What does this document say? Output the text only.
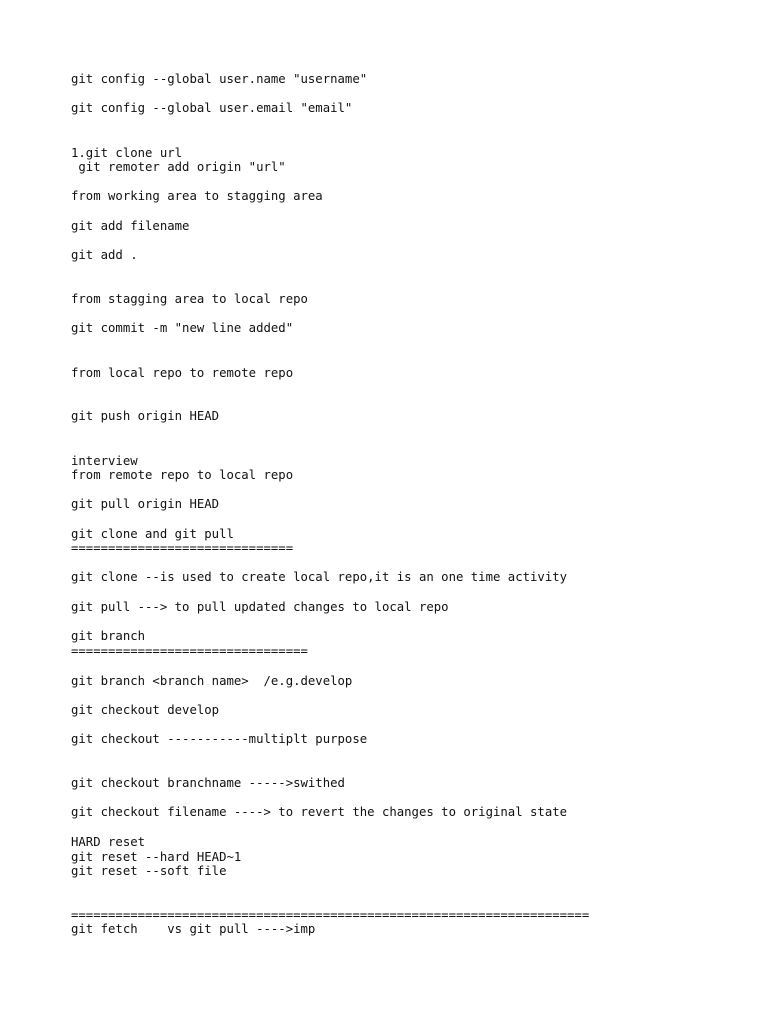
git config --global user.name "username"
git config --global user.email "email"
1.git clone url
git remoter add origin "url"
from working area to stagging area
git add filename
git add .
from stagging area to local repo
git commit -m "new line added"
from local repo to remote repo
git push origin HEAD
interview
from remote repo to local repo
git pull origin HEAD
git clone and git pull
==============================
git clone --is used to create local repo,it is an one time activity
git pull ---> to pull updated changes to local repo
git branch
================================
git branch <branch name>  /e.g.develop
git checkout develop
git checkout -----------multiplt purpose
git checkout branchname ----->swithed
git checkout filename ----> to revert the changes to original state
HARD reset
git reset --hard HEAD~1
git reset --soft file
======================================================================
git fetch    vs git pull ---->imp
